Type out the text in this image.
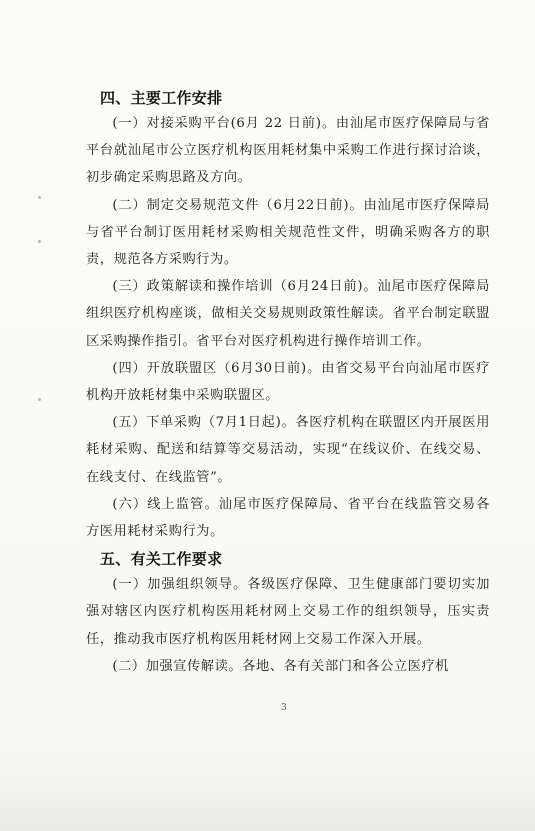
四、主要工作安排

(一）对接采购平台(6月 22 日前)。由汕尾市医疗保障局与省平台就汕尾市公立医疗机构医用耗材集中采购工作进行探讨洽谈，初步确定采购思路及方向。

(二）制定交易规范文件（6月22日前)。由汕尾市医疗保障局与省平台制订医用耗材采购相关规范性文件，明确采购各方的职责，规范各方采购行为。

(三）政策解读和操作培训（6月24日前)。汕尾市医疗保障局组织医疗机构座谈，做相关交易规则政策性解读。省平台制定联盟区采购操作指引。省平台对医疗机构进行操作培训工作。

(四）开放联盟区（6月30日前)。由省交易平台向汕尾市医疗机构开放耗材集中采购联盟区。

(五）下单采购（7月1日起)。各医疗机构在联盟区内开展医用耗材采购、配送和结算等交易活动，实现“在线议价、在线交易、在线支付、在线监管”。

(六）线上监管。汕尾市医疗保障局、省平台在线监管交易各方医用耗材采购行为。

五、有关工作要求

(一）加强组织领导。各级医疗保障、卫生健康部门要切实加强对辖区内医疗机构医用耗材网上交易工作的组织领导，压实责任，推动我市医疗机构医用耗材网上交易工作深入开展。

(二）加强宣传解读。各地、各有关部门和各公立医疗机

3
